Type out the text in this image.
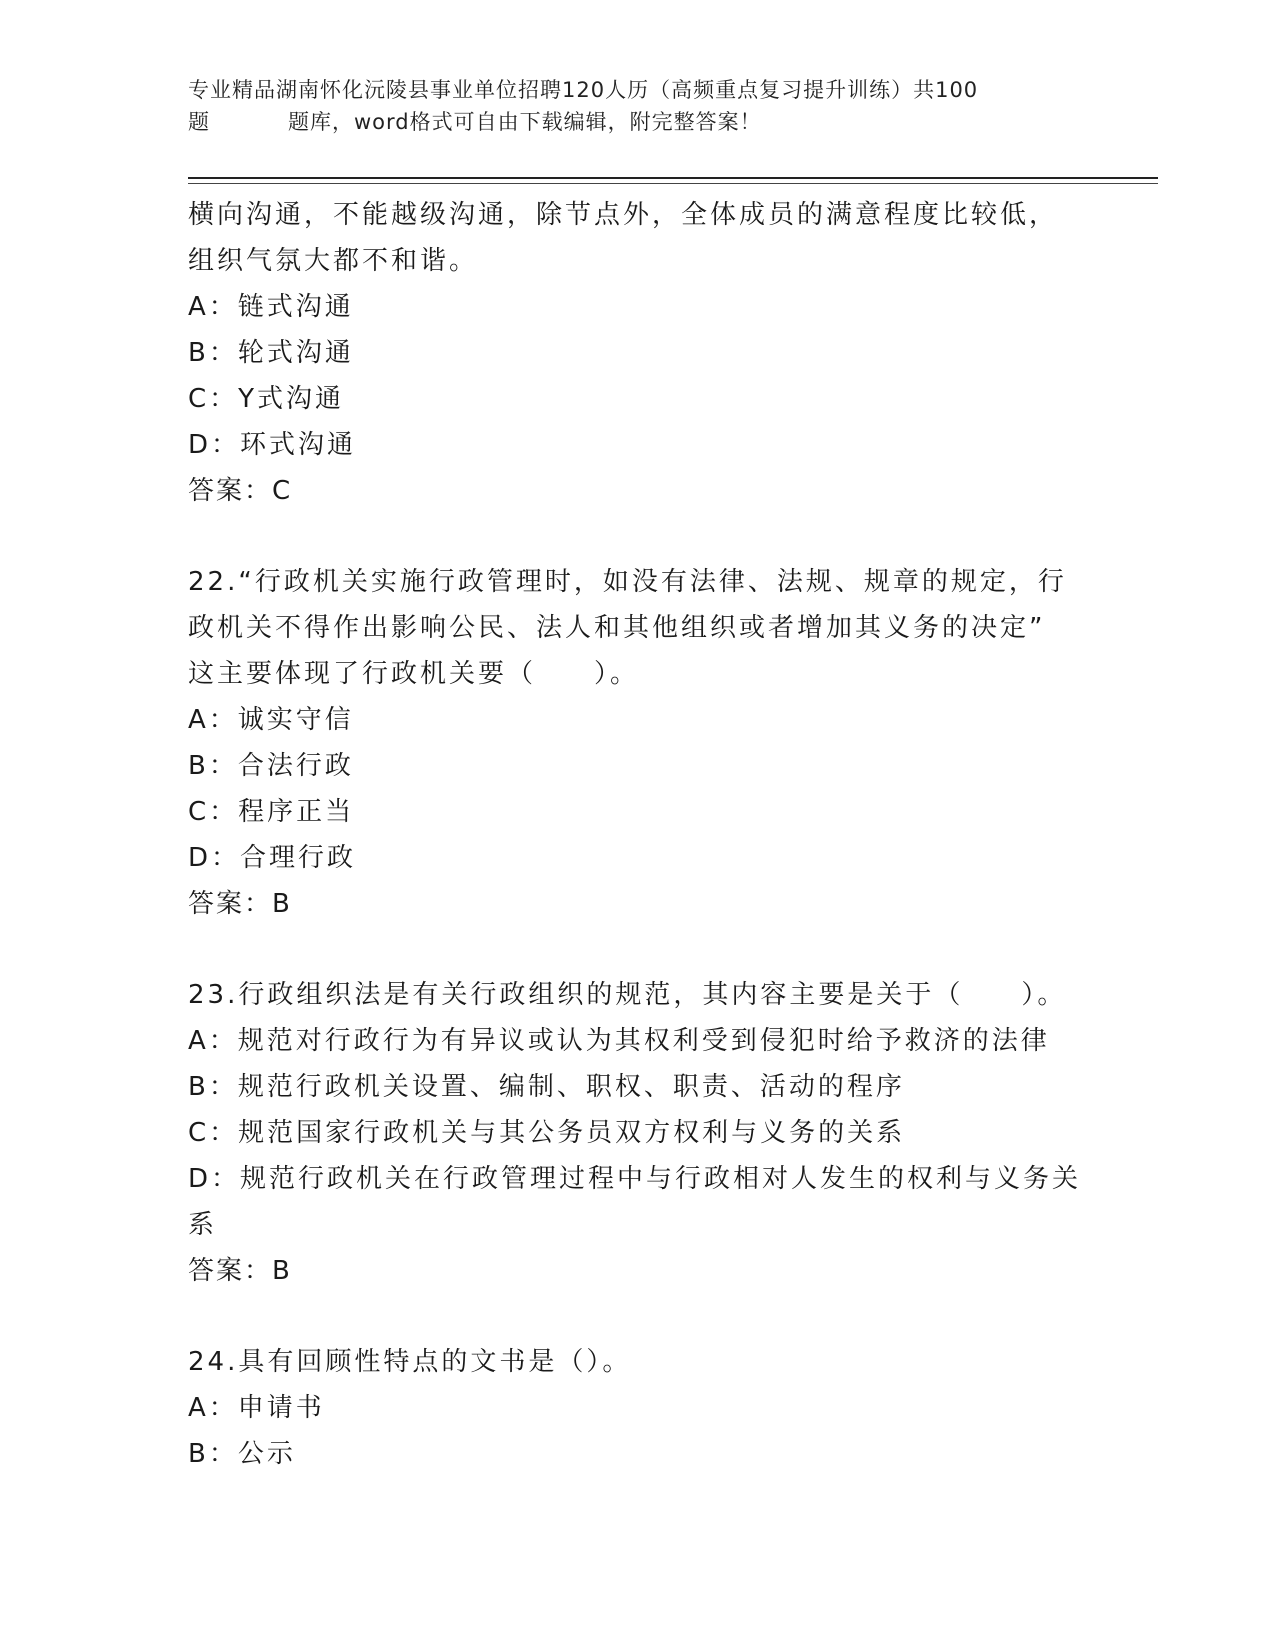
专业精品湖南怀化沅陵县事业单位招聘120人历（高频重点复习提升训练）共100
题	题库，word格式可自由下载编辑，附完整答案！

横向沟通，不能越级沟通，除节点外，全体成员的满意程度比较低，

组织气氛大都不和谐。

A：链式沟通

B：轮式沟通

C：Y式沟通

D：环式沟通

答案：C

22.“行政机关实施行政管理时，如没有法律、法规、规章的规定，行

政机关不得作出影响公民、法人和其他组织或者增加其义务的决定”

这主要体现了行政机关要（　　）。

A：诚实守信

B：合法行政

C：程序正当

D：合理行政

答案：B

23.行政组织法是有关行政组织的规范，其内容主要是关于（　　）。

A：规范对行政行为有异议或认为其权利受到侵犯时给予救济的法律

B：规范行政机关设置、编制、职权、职责、活动的程序

C：规范国家行政机关与其公务员双方权利与义务的关系

D：规范行政机关在行政管理过程中与行政相对人发生的权利与义务关

系

答案：B

24.具有回顾性特点的文书是（）。

A：申请书

B：公示
